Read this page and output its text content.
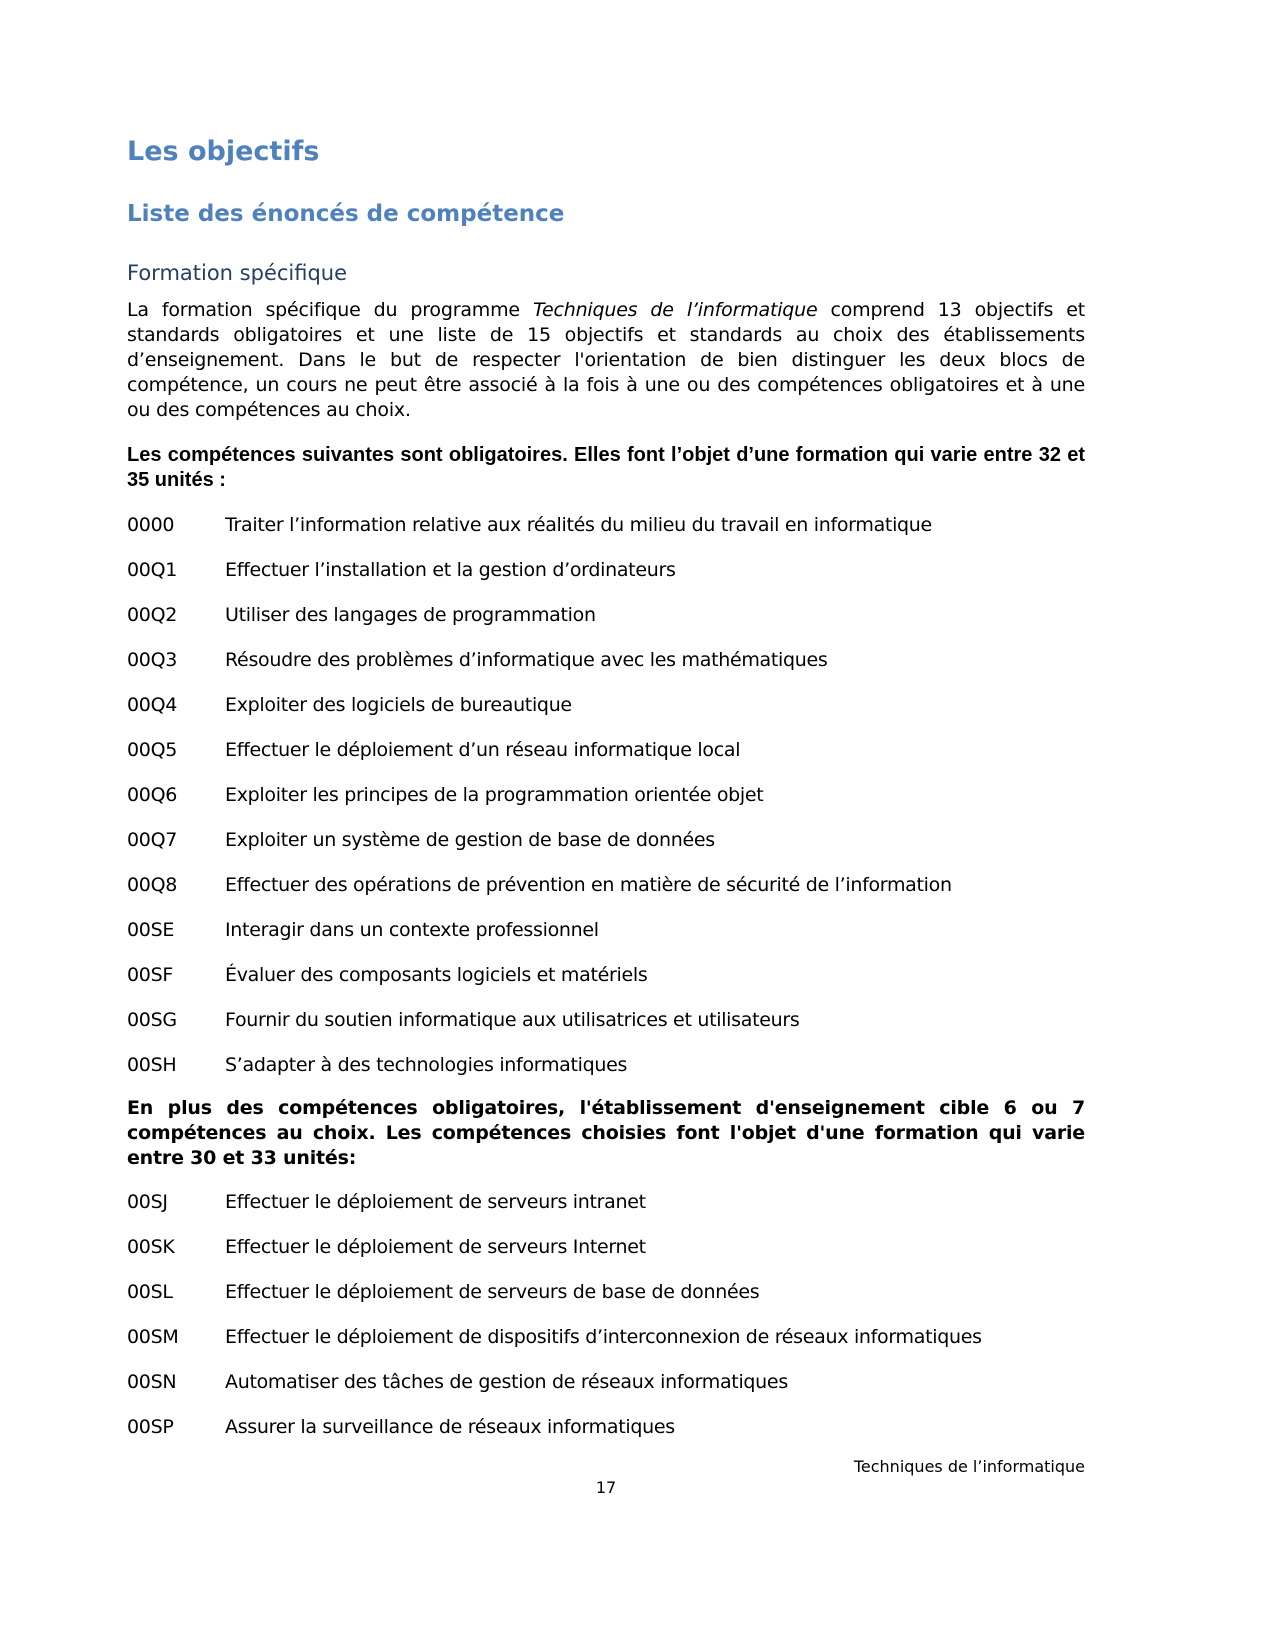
Les objectifs
Liste des énoncés de compétence
Formation spécifique

La formation spécifique du programme Techniques de l’informatique comprend 13 objectifs et standards obligatoires et une liste de 15 objectifs et standards au choix des établissements d’enseignement. Dans le but de respecter l'orientation de bien distinguer les deux blocs de compétence, un cours ne peut être associé à la fois à une ou des compétences obligatoires et à une ou des compétences au choix.

Les compétences suivantes sont obligatoires. Elles font l’objet d’une formation qui varie entre 32 et 35 unités :

0000	Traiter l’information relative aux réalités du milieu du travail en informatique
00Q1	Effectuer l’installation et la gestion d’ordinateurs
00Q2	Utiliser des langages de programmation
00Q3	Résoudre des problèmes d’informatique avec les mathématiques
00Q4	Exploiter des logiciels de bureautique
00Q5	Effectuer le déploiement d’un réseau informatique local
00Q6	Exploiter les principes de la programmation orientée objet
00Q7	Exploiter un système de gestion de base de données
00Q8	Effectuer des opérations de prévention en matière de sécurité de l’information
00SE	Interagir dans un contexte professionnel
00SF	Évaluer des composants logiciels et matériels
00SG	Fournir du soutien informatique aux utilisatrices et utilisateurs
00SH	S’adapter à des technologies informatiques

En plus des compétences obligatoires, l'établissement d'enseignement cible 6 ou 7 compétences au choix. Les compétences choisies font l'objet d'une formation qui varie entre 30 et 33 unités:

00SJ	Effectuer le déploiement de serveurs intranet
00SK	Effectuer le déploiement de serveurs Internet
00SL	Effectuer le déploiement de serveurs de base de données
00SM	Effectuer le déploiement de dispositifs d’interconnexion de réseaux informatiques
00SN	Automatiser des tâches de gestion de réseaux informatiques
00SP	Assurer la surveillance de réseaux informatiques
Techniques de l’informatique
17
